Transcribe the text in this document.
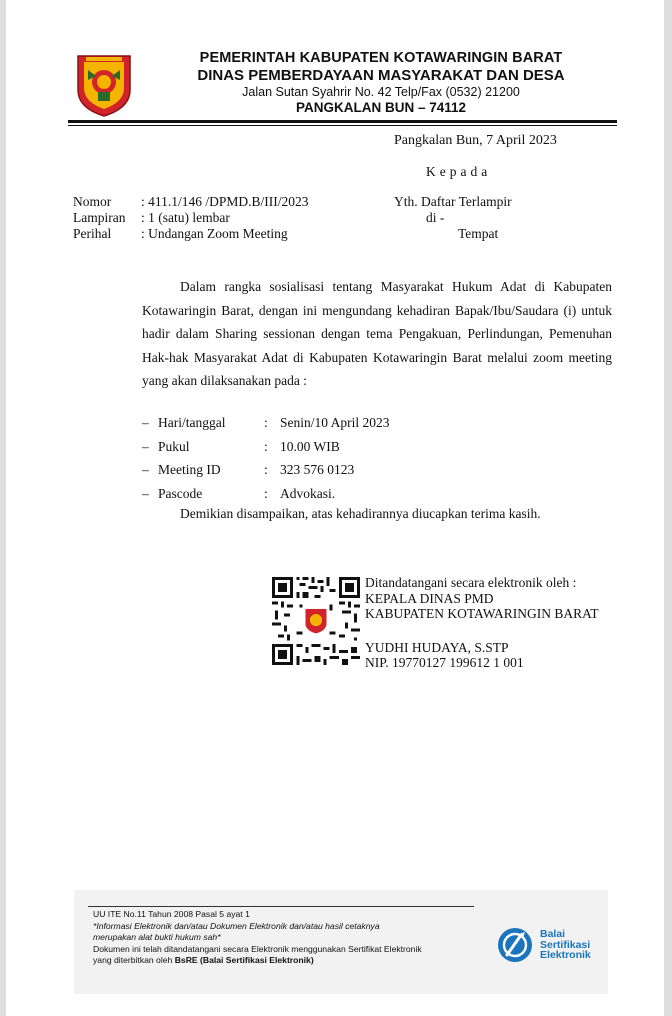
PEMERINTAH KABUPATEN KOTAWARINGIN BARAT
DINAS PEMBERDAYAAN MASYARAKAT DAN DESA
Jalan Sutan Syahrir No. 42 Telp/Fax (0532) 21200
PANGKALAN BUN – 74112
Pangkalan Bun, 7 April 2023
Kepada
Nomor	: 411.1/146 /DPMD.B/III/2023
Lampiran	: 1 (satu) lembar
Perihal	: Undangan Zoom Meeting
Yth. Daftar Terlampir
di -
Tempat
Dalam rangka sosialisasi tentang Masyarakat Hukum Adat di Kabupaten Kotawaringin Barat, dengan ini mengundang kehadiran Bapak/Ibu/Saudara (i) untuk hadir dalam Sharing sessionan dengan tema Pengakuan, Perlindungan, Pemenuhan Hak-hak Masyarakat Adat di Kabupaten Kotawaringin Barat melalui zoom meeting yang akan dilaksanakan pada :
– Hari/tanggal	: Senin/10 April 2023
– Pukul	: 10.00 WIB
– Meeting ID	: 323 576 0123
– Pascode	: Advokasi.
Demikian disampaikan, atas kehadirannya diucapkan terima kasih.
Ditandatangani secara elektronik oleh :
KEPALA DINAS PMD
KABUPATEN KOTAWARINGIN BARAT
YUDHI HUDAYA, S.STP
NIP. 19770127 199612 1 001
UU ITE No.11 Tahun 2008 Pasal 5 ayat 1
*Informasi Elektronik dan/atau Dokumen Elektronik dan/atau hasil cetaknya
merupakan alat bukti hukum sah*
Dokumen ini telah ditandatangani secara Elektronik menggunakan Sertifikat Elektronik
yang diterbitkan oleh BsRE (Balai Sertifikasi Elektronik)
Balai
Sertifikasi
Elektronik
